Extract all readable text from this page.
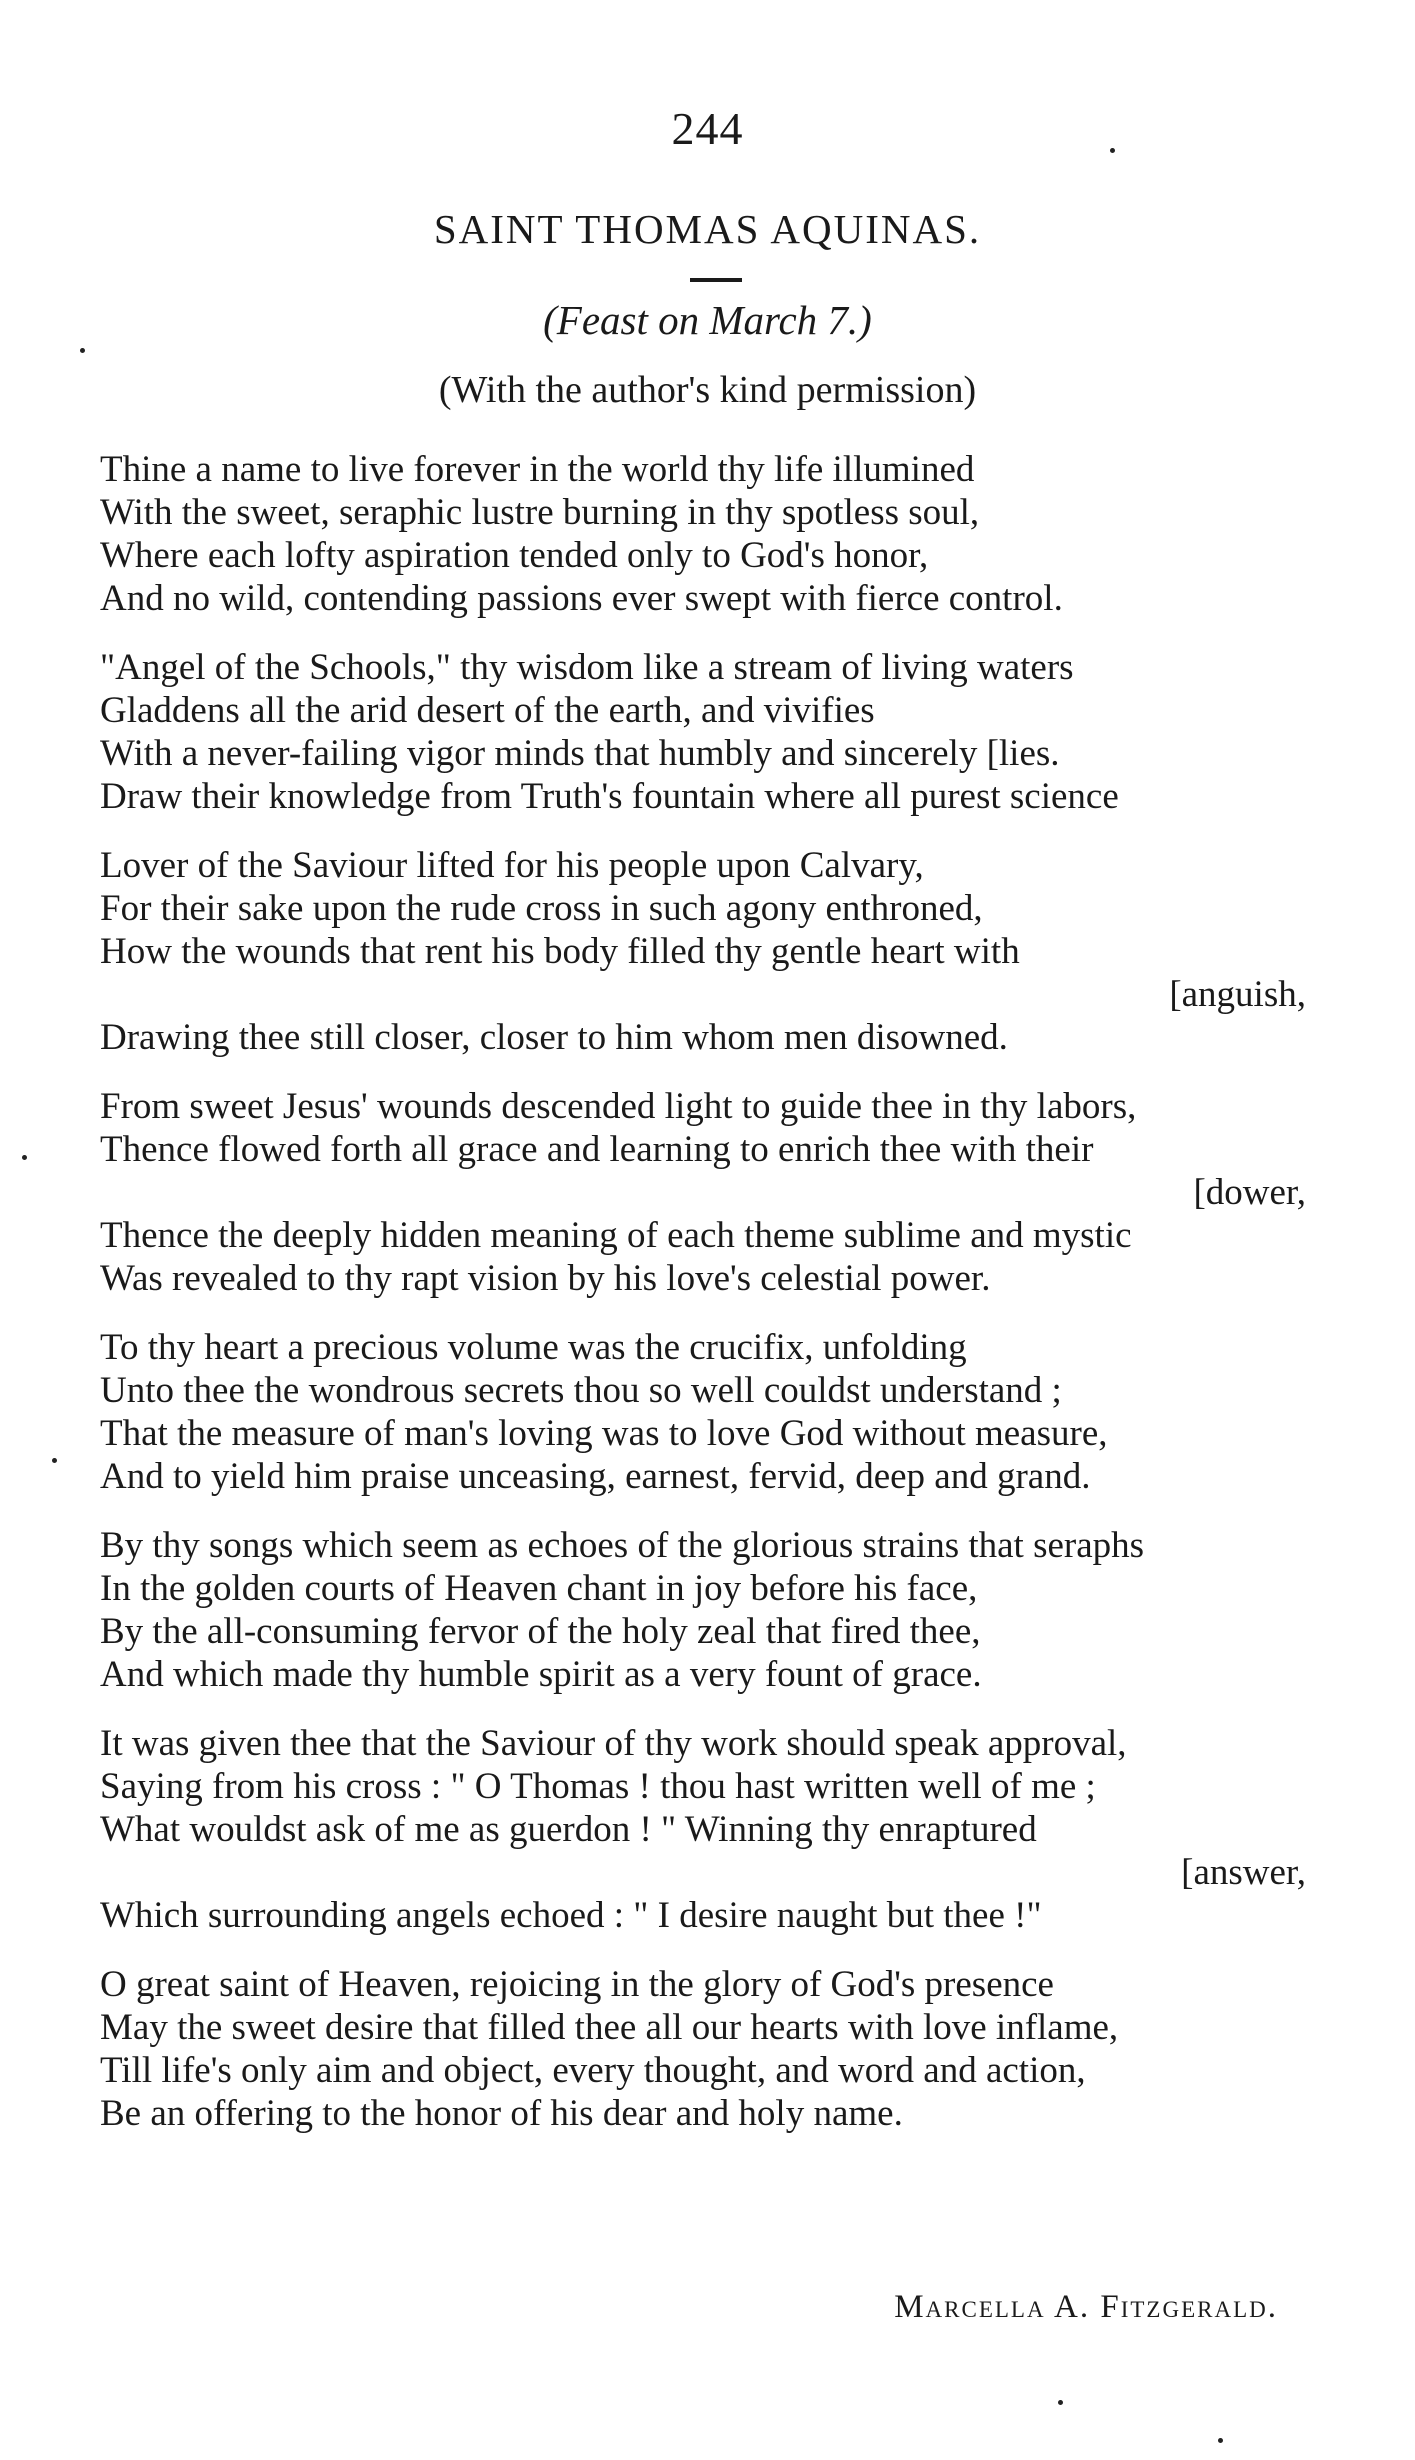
244
SAINT THOMAS AQUINAS.
(Feast on March 7.)
(With the author's kind permission)
Thine a name to live forever in the world thy life illumined
With the sweet, seraphic lustre burning in thy spotless soul,
Where each lofty aspiration tended only to God's honor,
And no wild, contending passions ever swept with fierce control.
"Angel of the Schools," thy wisdom like a stream of living waters
Gladdens all the arid desert of the earth, and vivifies
With a never-failing vigor minds that humbly and sincerely [lies.
Draw their knowledge from Truth's fountain where all purest science
Lover of the Saviour lifted for his people upon Calvary,
For their sake upon the rude cross in such agony enthroned,
How the wounds that rent his body filled thy gentle heart with
[anguish,
Drawing thee still closer, closer to him whom men disowned.
From sweet Jesus' wounds descended light to guide thee in thy labors,
Thence flowed forth all grace and learning to enrich thee with their
[dower,
Thence the deeply hidden meaning of each theme sublime and mystic
Was revealed to thy rapt vision by his love's celestial power.
To thy heart a precious volume was the crucifix, unfolding
Unto thee the wondrous secrets thou so well couldst understand ;
That the measure of man's loving was to love God without measure,
And to yield him praise unceasing, earnest, fervid, deep and grand.
By thy songs which seem as echoes of the glorious strains that seraphs
In the golden courts of Heaven chant in joy before his face,
By the all-consuming fervor of the holy zeal that fired thee,
And which made thy humble spirit as a very fount of grace.
It was given thee that the Saviour of thy work should speak approval,
Saying from his cross : " O Thomas ! thou hast written well of me ;
What wouldst ask of me as guerdon ! " Winning thy enraptured
[answer,
Which surrounding angels echoed : " I desire naught but thee !"
O great saint of Heaven, rejoicing in the glory of God's presence
May the sweet desire that filled thee all our hearts with love inflame,
Till life's only aim and object, every thought, and word and action,
Be an offering to the honor of his dear and holy name.
Marcella A. Fitzgerald.
